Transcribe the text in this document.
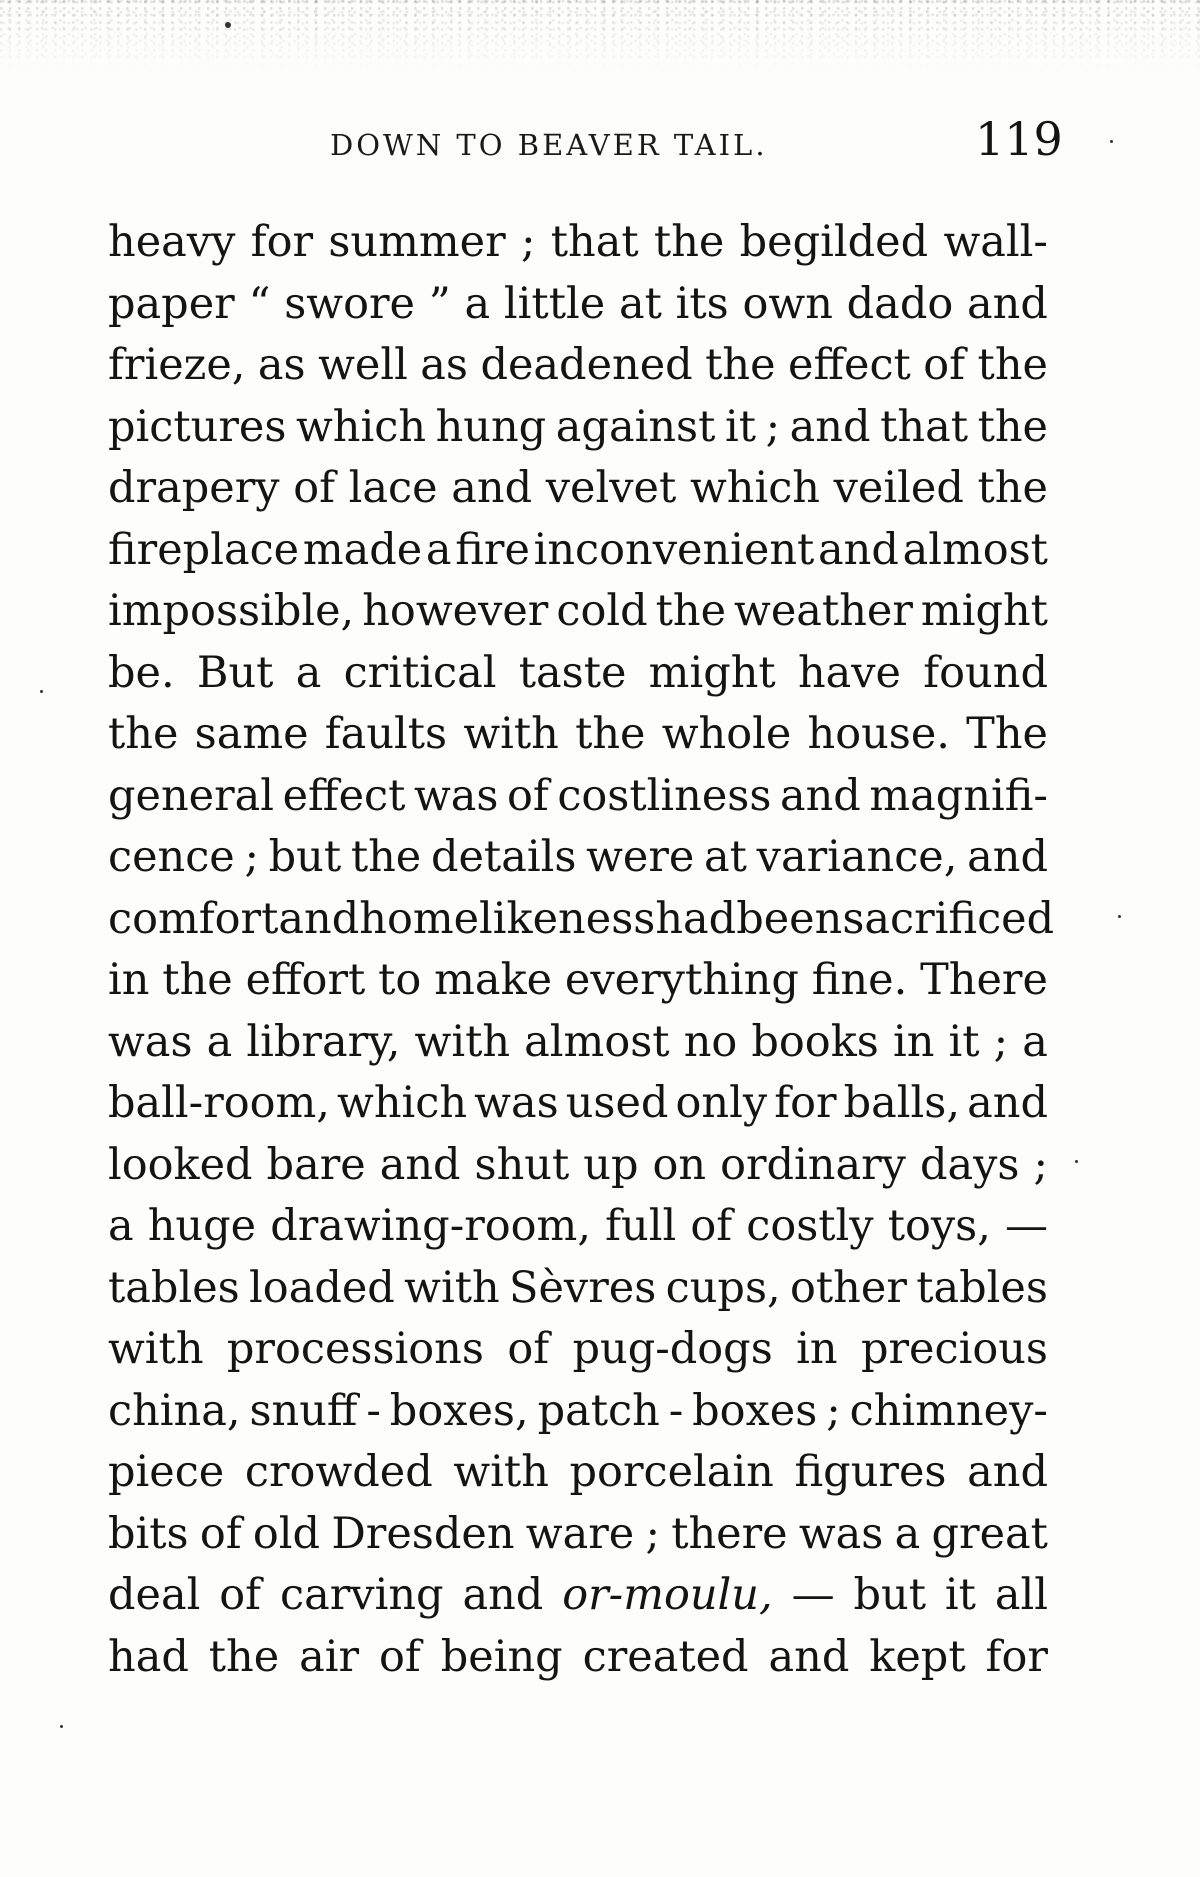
DOWN TO BEAVER TAIL.	119
heavy for summer ; that the begilded wall‐
paper “ swore ” a little at its own dado and
frieze, as well as deadened the effect of the
pictures which hung against it ; and that the
drapery of lace and velvet which veiled the
fireplace made a fire inconvenient and almost
impossible, however cold the weather might
be. But a critical taste might have found
the same faults with the whole house. The
general effect was of costliness and magnifi-
cence ; but the details were at variance, and
comfort and homelikeness had been sacrificed
in the effort to make everything fine. There
was a library, with almost no books in it ; a
ball-room, which was used only for balls, and
looked bare and shut up on ordinary days ;
a huge drawing-room, full of costly toys, —
tables loaded with Sèvres cups, other tables
with processions of pug-dogs in precious
china, snuff - boxes, patch - boxes ; chimney-
piece crowded with porcelain figures and
bits of old Dresden ware ; there was a great
deal of carving and or-moulu, — but it all
had the air of being created and kept for
